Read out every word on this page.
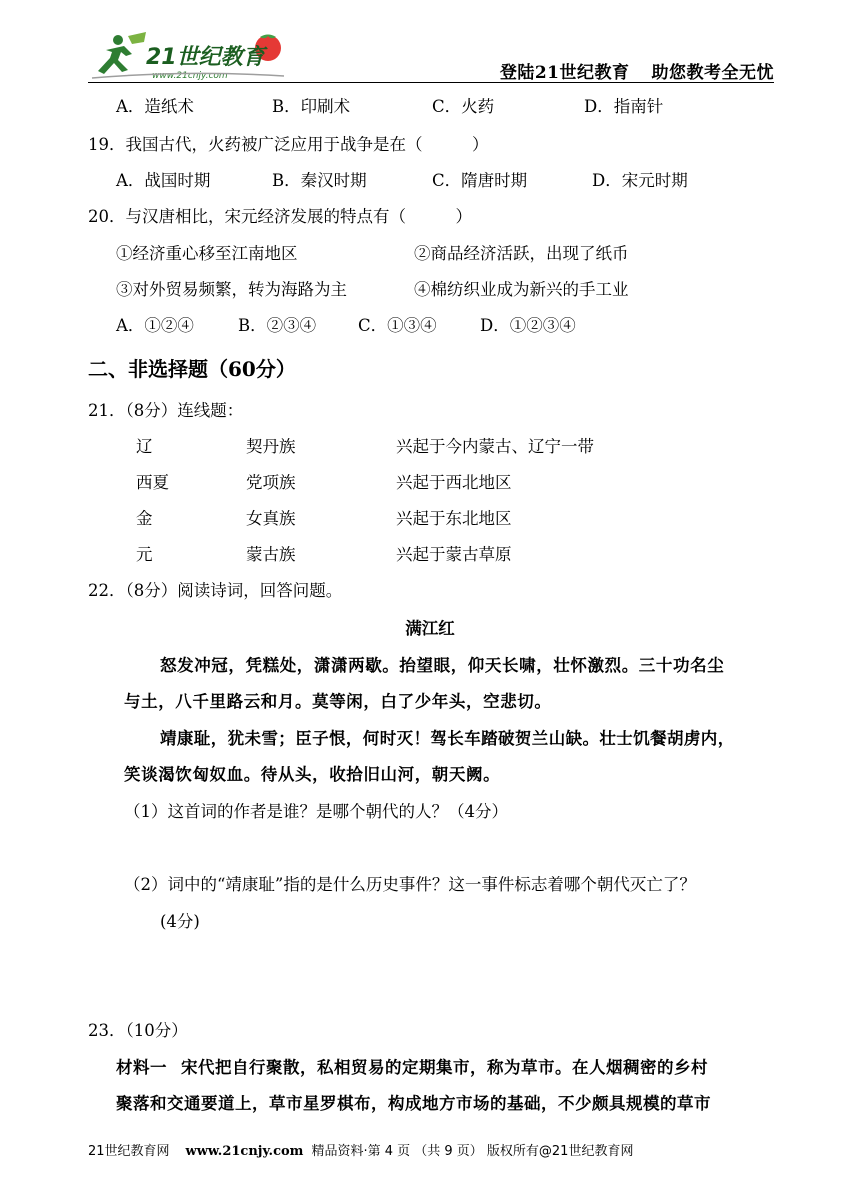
21世纪教育
www.21cnjy.com	登陆21世纪教育 助您教考全无忧
A．造纸术	B．印刷术	C．火药	D．指南针
19．我国古代，火药被广泛应用于战争是在（　　　）
A．战国时期	B．秦汉时期	C．隋唐时期	D．宋元时期
20．与汉唐相比，宋元经济发展的特点有（　　　）
①经济重心移至江南地区	②商品经济活跃，出现了纸币
③对外贸易频繁，转为海路为主	④棉纺织业成为新兴的手工业
A．①②④	B．②③④	C．①③④	D．①②③④
二、非选择题（60分）
21．（8分）连线题：
辽	契丹族	兴起于今内蒙古、辽宁一带
西夏	党项族	兴起于西北地区
金	女真族	兴起于东北地区
元	蒙古族	兴起于蒙古草原
22．（8分）阅读诗词，回答问题。
满江红
怒发冲冠，凭糕处，潇潇两歇。抬望眼，仰天长啸，壮怀激烈。三十功名尘
与土，八千里路云和月。莫等闲，白了少年头，空悲切。
靖康耻，犹未雪；臣子恨，何时灭！驾长车踏破贺兰山缺。壮士饥餐胡虏内，
笑谈渴饮匈奴血。待从头，收拾旧山河，朝天阙。
（1）这首词的作者是谁？是哪个朝代的人？（4分）
（2）词中的“靖康耻”指的是什么历史事件？这一事件标志着哪个朝代灭亡了？
(4分)
23．（10分）
材料一 宋代把自行聚散，私相贸易的定期集市，称为草市。在人烟稠密的乡村
聚落和交通要道上，草市星罗棋布，构成地方市场的基础，不少颇具规模的草市
21世纪教育网 www.21cnjy.com 精品资料·第 4 页 （共 9 页） 版权所有@21世纪教育网
